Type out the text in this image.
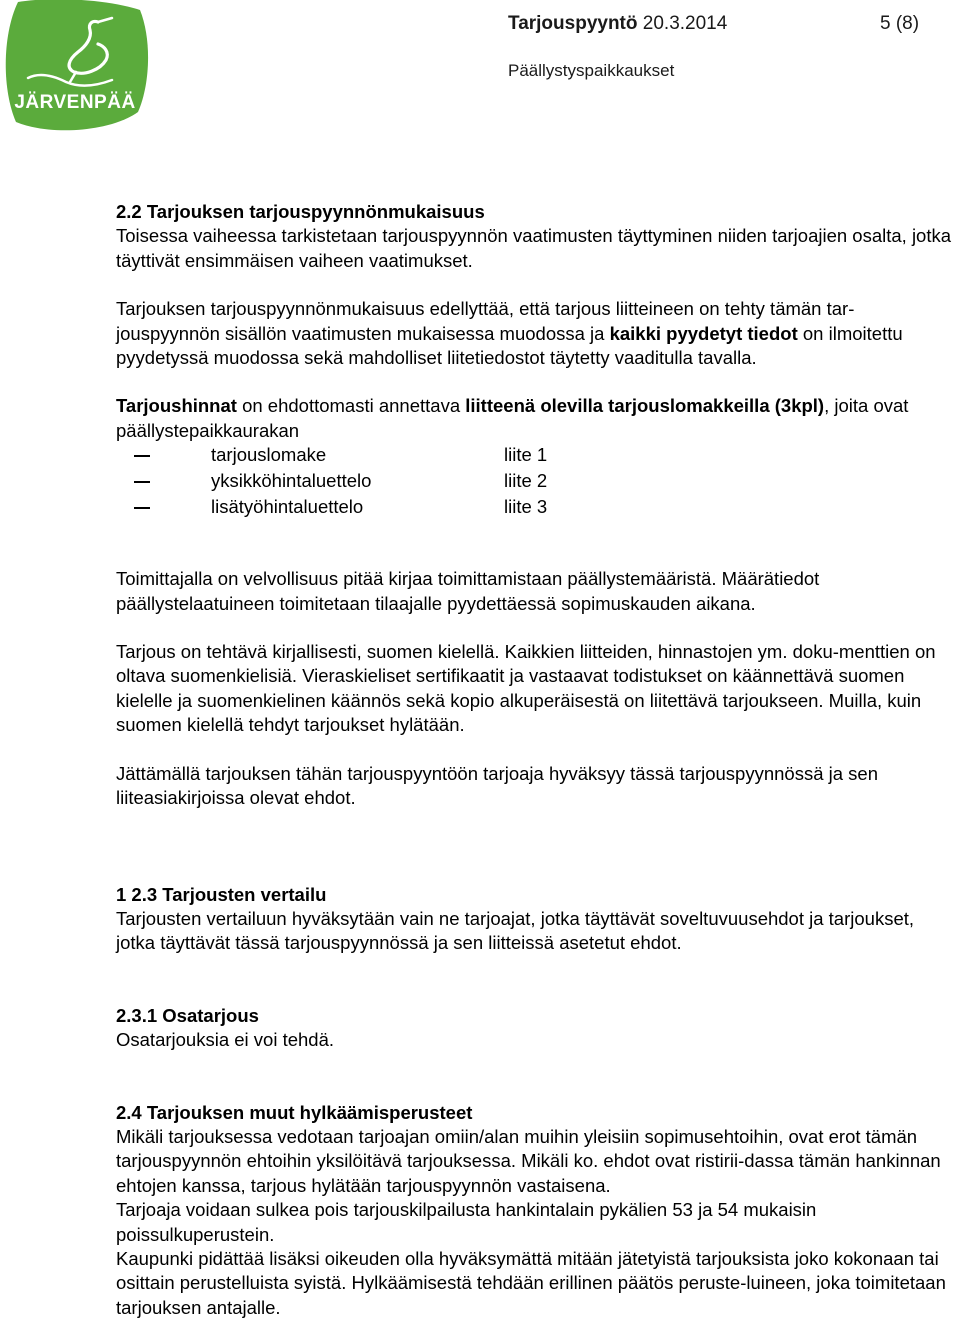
JÄRVENPÄÄ
Tarjouspyyntö 20.3.2014	5 (8)
Päällystyspaikkaukset
2.2 Tarjouksen tarjouspyynnönmukaisuus

Toisessa vaiheessa tarkistetaan tarjouspyynnön vaatimusten täyttyminen niiden tarjoajien osalta, jotka täyttivät ensimmäisen vaiheen vaatimukset.

Tarjouksen tarjouspyynnönmukaisuus edellyttää, että tarjous liitteineen on tehty tämän tar-jouspyynnön sisällön vaatimusten mukaisessa muodossa ja kaikki pyydetyt tiedot on ilmoitettu pyydetyssä muodossa sekä mahdolliset liitetiedostot täytetty vaaditulla tavalla.

Tarjoushinnat on ehdottomasti annettava liitteenä olevilla tarjouslomakkeilla (3kpl), joita ovat päällystepaikkaurakan

tarjouslomake	liite 1
yksikköhintaluettelo	liite 2
lisätyöhintaluettelo	liite 3

Toimittajalla on velvollisuus pitää kirjaa toimittamistaan päällystemääristä. Määrätiedot päällystelaatuineen toimitetaan tilaajalle pyydettäessä sopimuskauden aikana.

Tarjous on tehtävä kirjallisesti, suomen kielellä. Kaikkien liitteiden, hinnastojen ym. doku-menttien on oltava suomenkielisiä. Vieraskieliset sertifikaatit ja vastaavat todistukset on käännettävä suomen kielelle ja suomenkielinen käännös sekä kopio alkuperäisestä on liitettävä tarjoukseen. Muilla, kuin suomen kielellä tehdyt tarjoukset hylätään.

Jättämällä tarjouksen tähän tarjouspyyntöön tarjoaja hyväksyy tässä tarjouspyynnössä ja sen liiteasiakirjoissa olevat ehdot.

1 2.3 Tarjousten vertailu

Tarjousten vertailuun hyväksytään vain ne tarjoajat, jotka täyttävät soveltuvuusehdot ja tarjoukset, jotka täyttävät tässä tarjouspyynnössä ja sen liitteissä asetetut ehdot.

2.3.1 Osatarjous

Osatarjouksia ei voi tehdä.

2.4 Tarjouksen muut hylkäämisperusteet

Mikäli tarjouksessa vedotaan tarjoajan omiin/alan muihin yleisiin sopimusehtoihin, ovat erot tämän tarjouspyynnön ehtoihin yksilöitävä tarjouksessa. Mikäli ko. ehdot ovat ristirii-dassa tämän hankinnan ehtojen kanssa, tarjous hylätään tarjouspyynnön vastaisena.

Tarjoaja voidaan sulkea pois tarjouskilpailusta hankintalain pykälien 53 ja 54 mukaisin poissulkuperustein.

Kaupunki pidättää lisäksi oikeuden olla hyväksymättä mitään jätetyistä tarjouksista joko kokonaan tai osittain perustelluista syistä. Hylkäämisestä tehdään erillinen päätös peruste-luineen, joka toimitetaan tarjouksen antajalle.
